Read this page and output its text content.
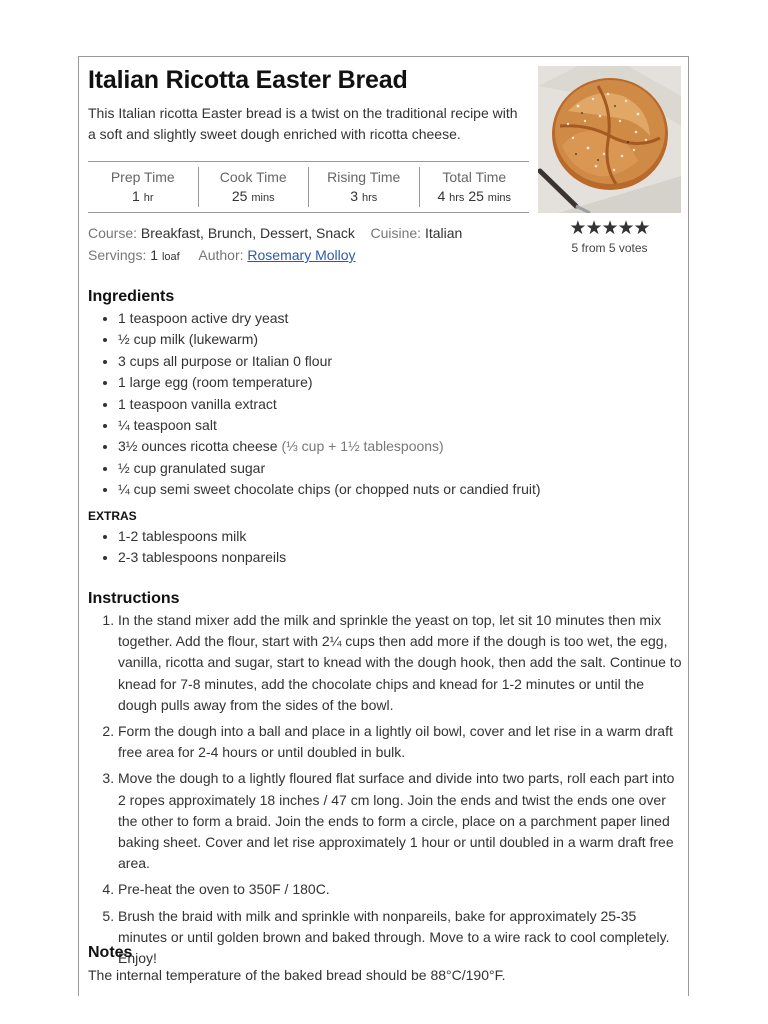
Italian Ricotta Easter Bread
This Italian ricotta Easter bread is a twist on the traditional recipe with a soft and slightly sweet dough enriched with ricotta cheese.
★★★★★
5 from 5 votes
Prep Time
1 hr
Cook Time
25 mins
Rising Time
3 hrs
Total Time
4 hrs 25 mins
Course: Breakfast, Brunch, Dessert, Snack Cuisine: Italian
Servings: 1 loaf Author: Rosemary Molloy
Ingredients
• 1 teaspoon active dry yeast
• ½ cup milk (lukewarm)
• 3 cups all purpose or Italian 0 flour
• 1 large egg (room temperature)
• 1 teaspoon vanilla extract
• ¼ teaspoon salt
• 3½ ounces ricotta cheese (⅓ cup + 1½ tablespoons)
• ½ cup granulated sugar
• ¼ cup semi sweet chocolate chips (or chopped nuts or candied fruit)
EXTRAS
• 1-2 tablespoons milk
• 2-3 tablespoons nonpareils
Instructions
1. In the stand mixer add the milk and sprinkle the yeast on top, let sit 10 minutes then mix together. Add the flour, start with 2¼ cups then add more if the dough is too wet, the egg, vanilla, ricotta and sugar, start to knead with the dough hook, then add the salt. Continue to knead for 7-8 minutes, add the chocolate chips and knead for 1-2 minutes or until the dough pulls away from the sides of the bowl.
2. Form the dough into a ball and place in a lightly oil bowl, cover and let rise in a warm draft free area for 2-4 hours or until doubled in bulk.
3. Move the dough to a lightly floured flat surface and divide into two parts, roll each part into 2 ropes approximately 18 inches / 47 cm long. Join the ends and twist the ends one over the other to form a braid. Join the ends to form a circle, place on a parchment paper lined baking sheet. Cover and let rise approximately 1 hour or until doubled in a warm draft free area.
4. Pre-heat the oven to 350F / 180C.
5. Brush the braid with milk and sprinkle with nonpareils, bake for approximately 25-35 minutes or until golden brown and baked through. Move to a wire rack to cool completely. Enjoy!
Notes
The internal temperature of the baked bread should be 88°C/190°F.
